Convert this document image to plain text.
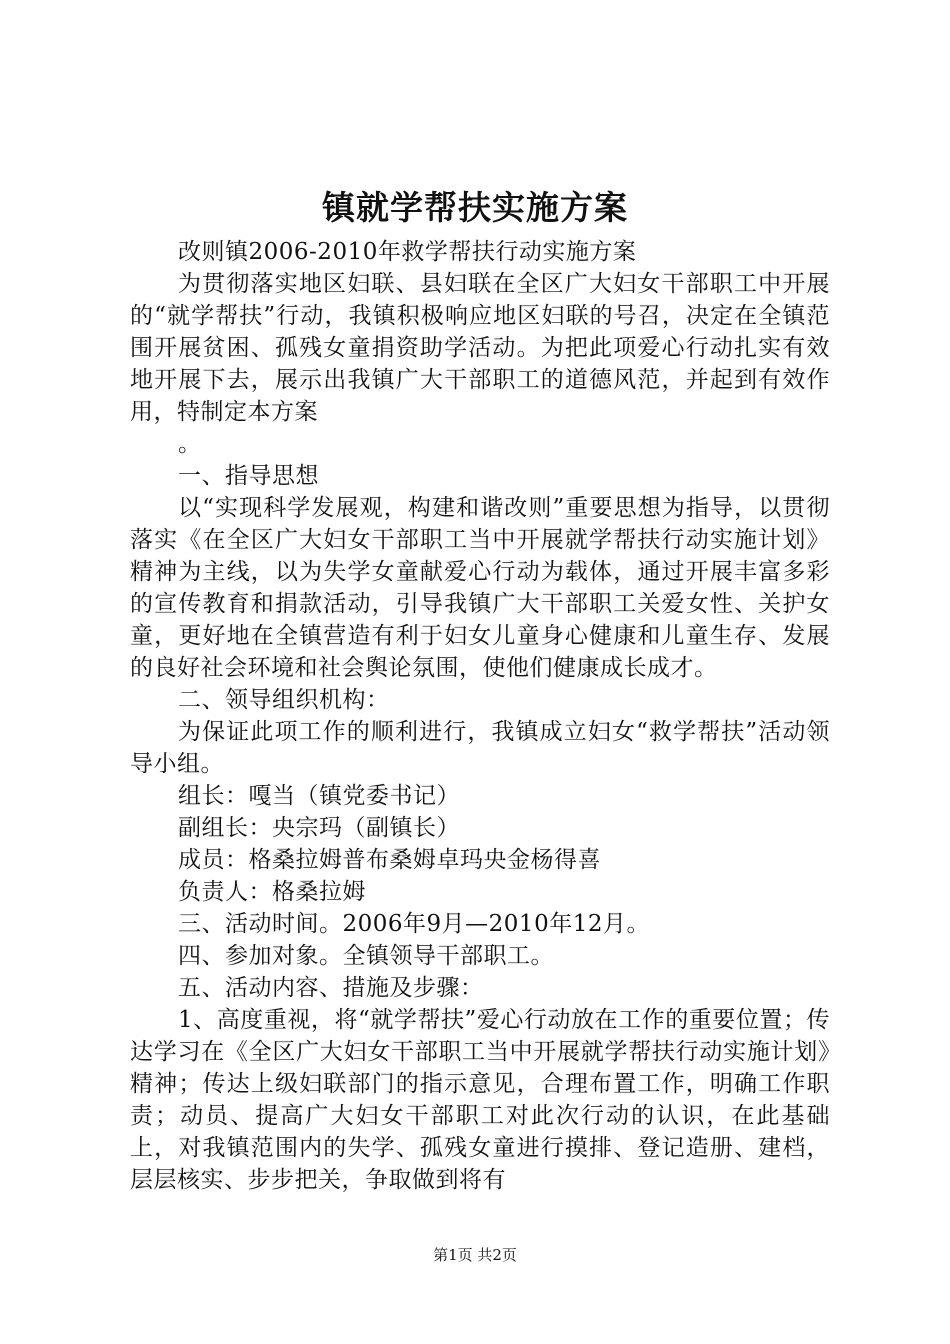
镇就学帮扶实施方案

改则镇2006-2010年救学帮扶行动实施方案

为贯彻落实地区妇联、县妇联在全区广大妇女干部职工中开展的“就学帮扶”行动，我镇积极响应地区妇联的号召，决定在全镇范围开展贫困、孤残女童捐资助学活动。为把此项爱心行动扎实有效地开展下去，展示出我镇广大干部职工的道德风范，并起到有效作用，特制定本方案

。

一、指导思想

以“实现科学发展观，构建和谐改则”重要思想为指导，以贯彻落实《在全区广大妇女干部职工当中开展就学帮扶行动实施计划》精神为主线，以为失学女童献爱心行动为载体，通过开展丰富多彩的宣传教育和捐款活动，引导我镇广大干部职工关爱女性、关护女童，更好地在全镇营造有利于妇女儿童身心健康和儿童生存、发展的良好社会环境和社会舆论氛围，使他们健康成长成才。

二、领导组织机构：

为保证此项工作的顺利进行，我镇成立妇女“救学帮扶”活动领导小组。

组长：嘎当（镇党委书记）

副组长：央宗玛（副镇长）

成员：格桑拉姆普布桑姆卓玛央金杨得喜

负责人：格桑拉姆

三、活动时间。2006年9月—2010年12月。

四、参加对象。全镇领导干部职工。

五、活动内容、措施及步骤：

1、高度重视，将“就学帮扶”爱心行动放在工作的重要位置；传达学习在《全区广大妇女干部职工当中开展就学帮扶行动实施计划》精神；传达上级妇联部门的指示意见，合理布置工作，明确工作职责；动员、提高广大妇女干部职工对此次行动的认识，在此基础上，对我镇范围内的失学、孤残女童进行摸排、登记造册、建档，层层核实、步步把关，争取做到将有

第1页 共2页
